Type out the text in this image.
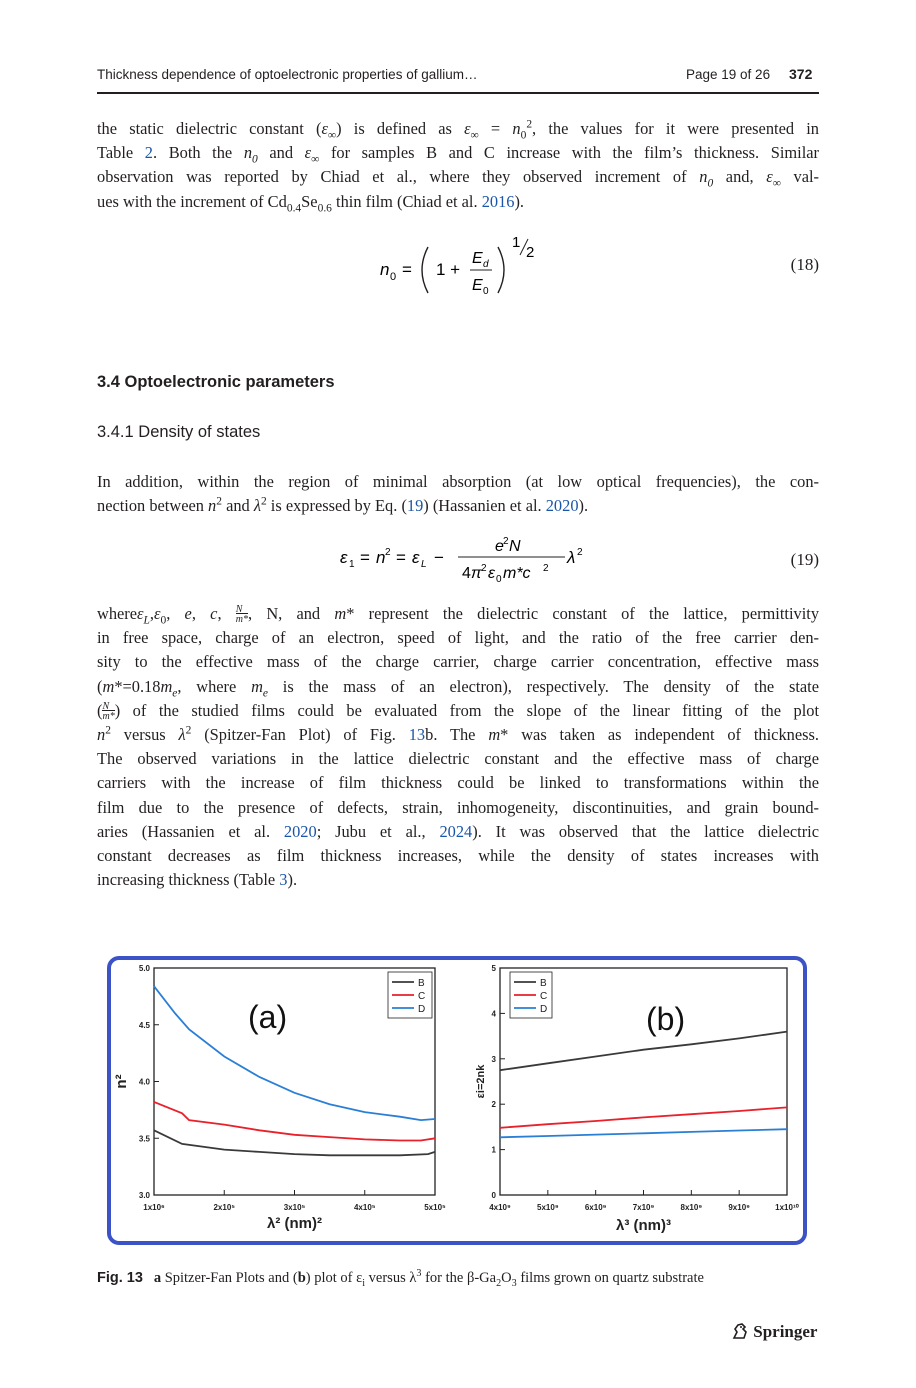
Thickness dependence of optoelectronic properties of gallium…	Page 19 of 26 372
the static dielectric constant $(\varepsilon_\infty)$ is defined as $\varepsilon_\infty = n_0^2$, the values for it were presented in
Table 2. Both the $n_0$ and $\varepsilon_\infty$ for samples B and C increase with the film’s thickness. Similar
observation was reported by Chiad et al., where they observed increment of $n_0$ and, $\varepsilon_\infty$ val-
ues with the increment of $Cd_{0.4}Se_{0.6}$ thin film (Chiad et al. 2016).
n 0 = 1 +
E d
E 0
1
2
(18)
3.4 Optoelectronic parameters
3.4.1 Density of states
In addition, within the region of minimal absorption (at low optical frequencies), the con-
nection between $n^2$ and $\lambda^2$ is expressed by Eq. (19) (Hassanien et al. 2020).
ε 1 = n 2 = ε L −
e 2 N
4π 2 ε 0 m*c 2
λ 2	(19)
$where\varepsilon_L,\varepsilon_0$, e, c, $\frac{N}{m*}$, N, and m* represent the dielectric constant of the lattice, permittivity
in free space, charge of an electron, speed of light, and the ratio of the free carrier den-
sity to the effective mass of the charge carrier, charge carrier concentration, effective mass
($m*=0.18m_e$, where $m_e$ is the mass of an electron), respectively. The density of the state
$(\frac{N}{m*})$ of the studied films could be evaluated from the slope of the linear fitting of the plot
$n^2$ versus $\lambda^2$ (Spitzer-Fan Plot) of Fig. 13b. The m* was taken as independent of thickness.
The observed variations in the lattice dielectric constant and the effective mass of charge
carriers with the increase of film thickness could be linked to transformations within the
film due to the presence of defects, strain, inhomogeneity, discontinuities, and grain bound-
aries (Hassanien et al. 2020; Jubu et al., 2024). It was observed that the lattice dielectric
constant decreases as film thickness increases, while the density of states increases with
increasing thickness (Table 3).
3.0
3.5
4.0
4.5
5.0
1x10⁶	2x10⁵	3x10⁵	4x10⁵	5x10⁵
λ² (nm)²
n²
(a)
B
C
D
0
1
2
3
4
5
4x10⁹	5x10⁹	6x10⁹	7x10⁹	8x10⁹	9x10⁹	1x10¹⁰
λ³ (nm)³
εi=2nk
(b)
B
C
D
Fig. 13 a Spitzer-Fan Plots and (b) plot of $\varepsilon_i$ versus $\lambda^3$ for the $\beta-Ga_2O_3$ films grown on quartz substrate
Springer
